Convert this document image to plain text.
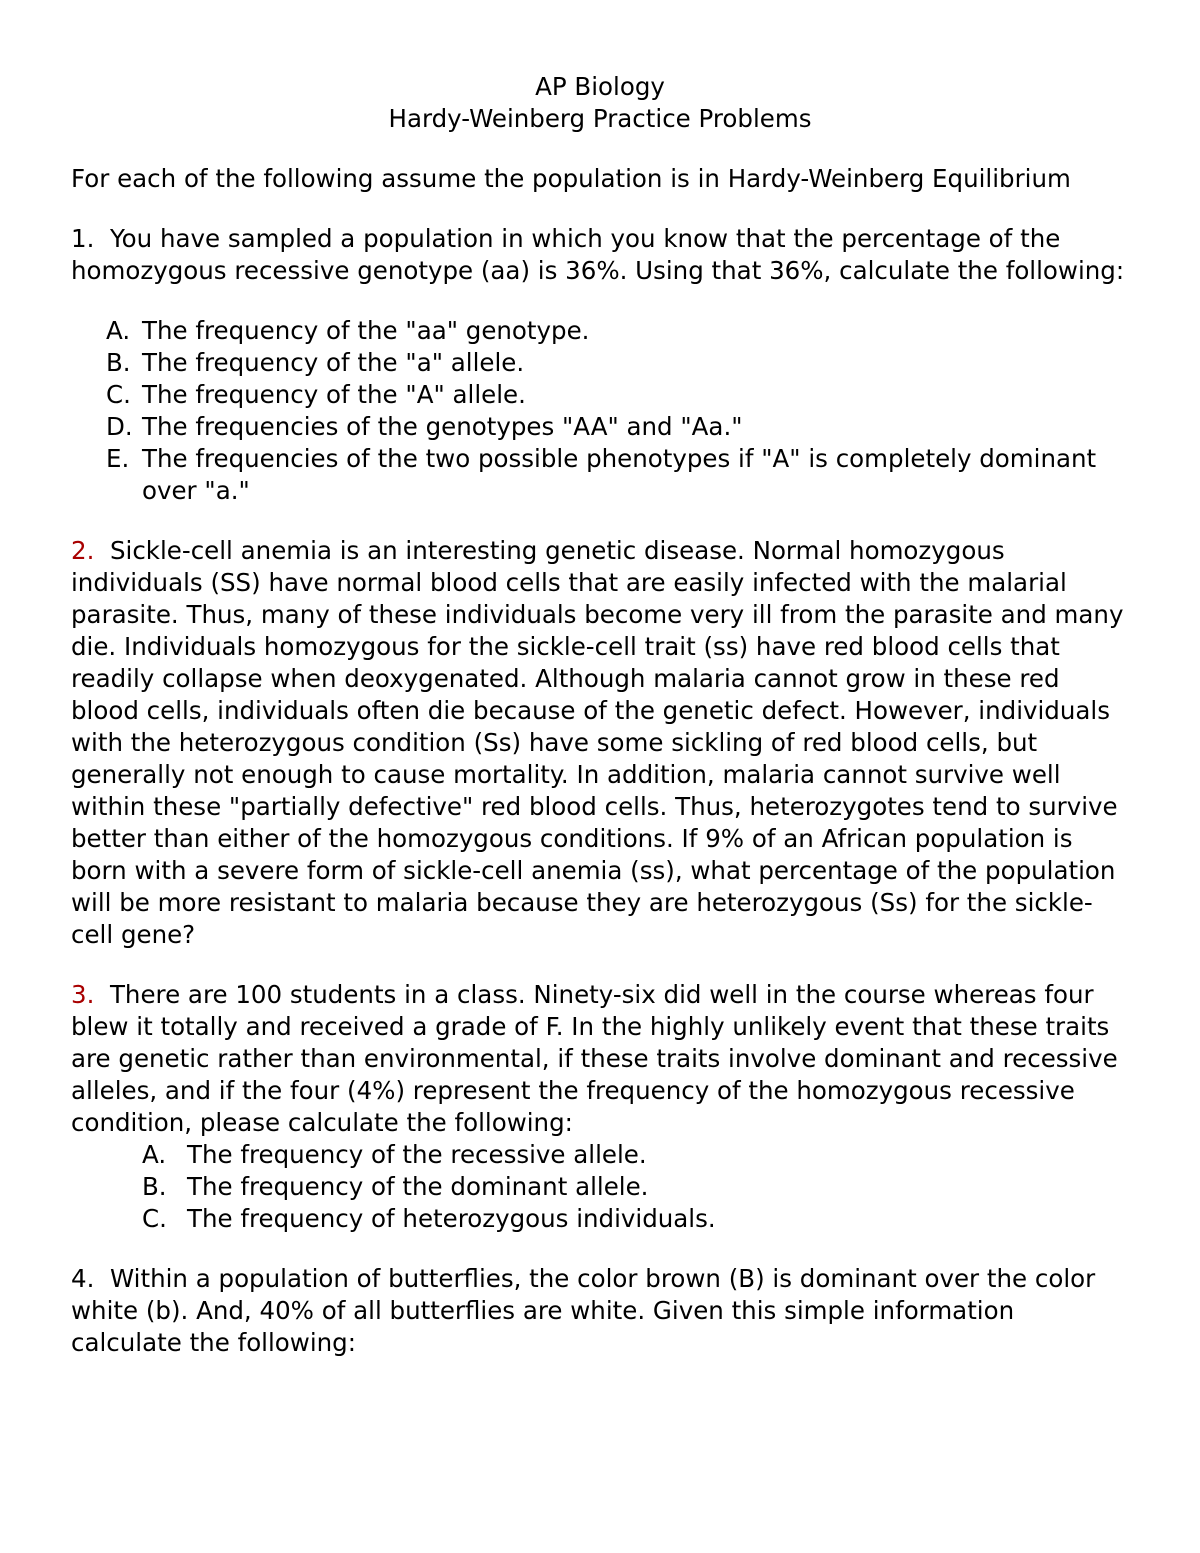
AP Biology
Hardy-Weinberg Practice Problems

For each of the following assume the population is in Hardy-Weinberg Equilibrium

1. You have sampled a population in which you know that the percentage of the homozygous recessive genotype (aa) is 36%. Using that 36%, calculate the following:

A. The frequency of the "aa" genotype.
B. The frequency of the "a" allele.
C. The frequency of the "A" allele.
D. The frequencies of the genotypes "AA" and "Aa."
E. The frequencies of the two possible phenotypes if "A" is completely dominant over "a."

2. Sickle-cell anemia is an interesting genetic disease. Normal homozygous individuals (SS) have normal blood cells that are easily infected with the malarial parasite. Thus, many of these individuals become very ill from the parasite and many die. Individuals homozygous for the sickle-cell trait (ss) have red blood cells that readily collapse when deoxygenated. Although malaria cannot grow in these red blood cells, individuals often die because of the genetic defect. However, individuals with the heterozygous condition (Ss) have some sickling of red blood cells, but generally not enough to cause mortality. In addition, malaria cannot survive well within these "partially defective" red blood cells. Thus, heterozygotes tend to survive better than either of the homozygous conditions. If 9% of an African population is born with a severe form of sickle-cell anemia (ss), what percentage of the population will be more resistant to malaria because they are heterozygous (Ss) for the sickle-cell gene?

3. There are 100 students in a class. Ninety-six did well in the course whereas four blew it totally and received a grade of F. In the highly unlikely event that these traits are genetic rather than environmental, if these traits involve dominant and recessive alleles, and if the four (4%) represent the frequency of the homozygous recessive condition, please calculate the following:

A. The frequency of the recessive allele.
B. The frequency of the dominant allele.
C. The frequency of heterozygous individuals.

4. Within a population of butterflies, the color brown (B) is dominant over the color white (b). And, 40% of all butterflies are white. Given this simple information calculate the following:
